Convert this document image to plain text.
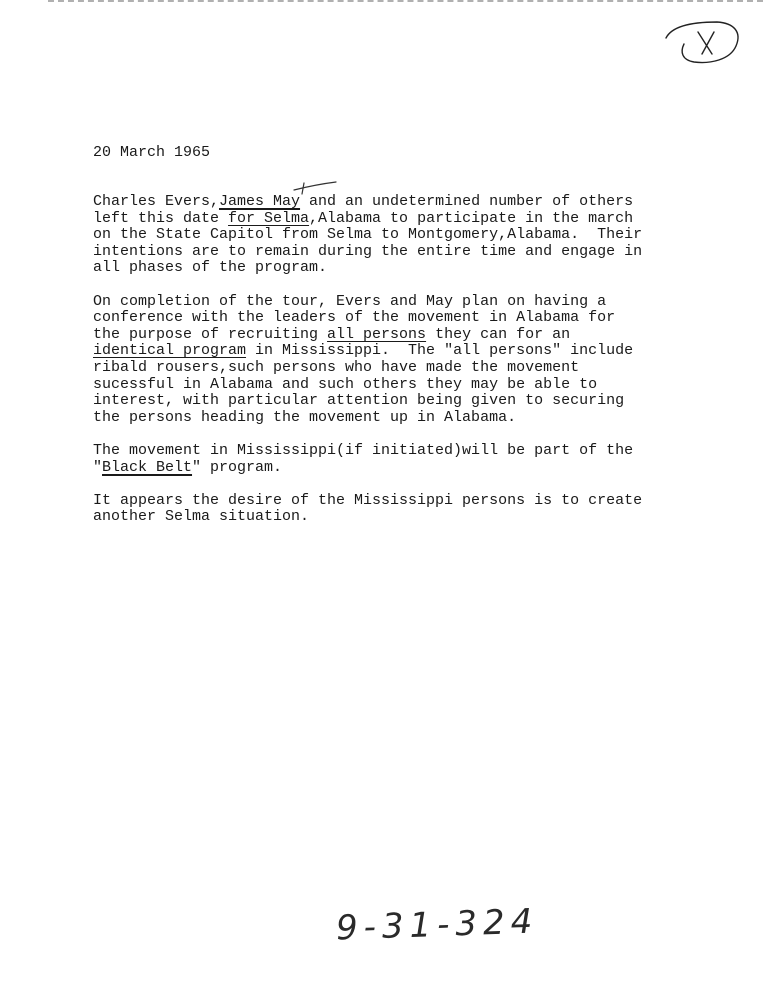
20 March 1965
Charles Evers,James May and an undetermined number of others
left this date for Selma,Alabama to participate in the march
on the State Capitol from Selma to Montgomery,Alabama.  Their
intentions are to remain during the entire time and engage in
all phases of the program.
On completion of the tour, Evers and May plan on having a
conference with the leaders of the movement in Alabama for
the purpose of recruiting all persons they can for an
identical program in Mississippi.  The "all persons" include
ribald rousers,such persons who have made the movement
sucessful in Alabama and such others they may be able to
interest, with particular attention being given to securing
the persons heading the movement up in Alabama.
The movement in Mississippi(if initiated)will be part of the
"Black Belt" program.
It appears the desire of the Mississippi persons is to create
another Selma situation.
9-31-324
